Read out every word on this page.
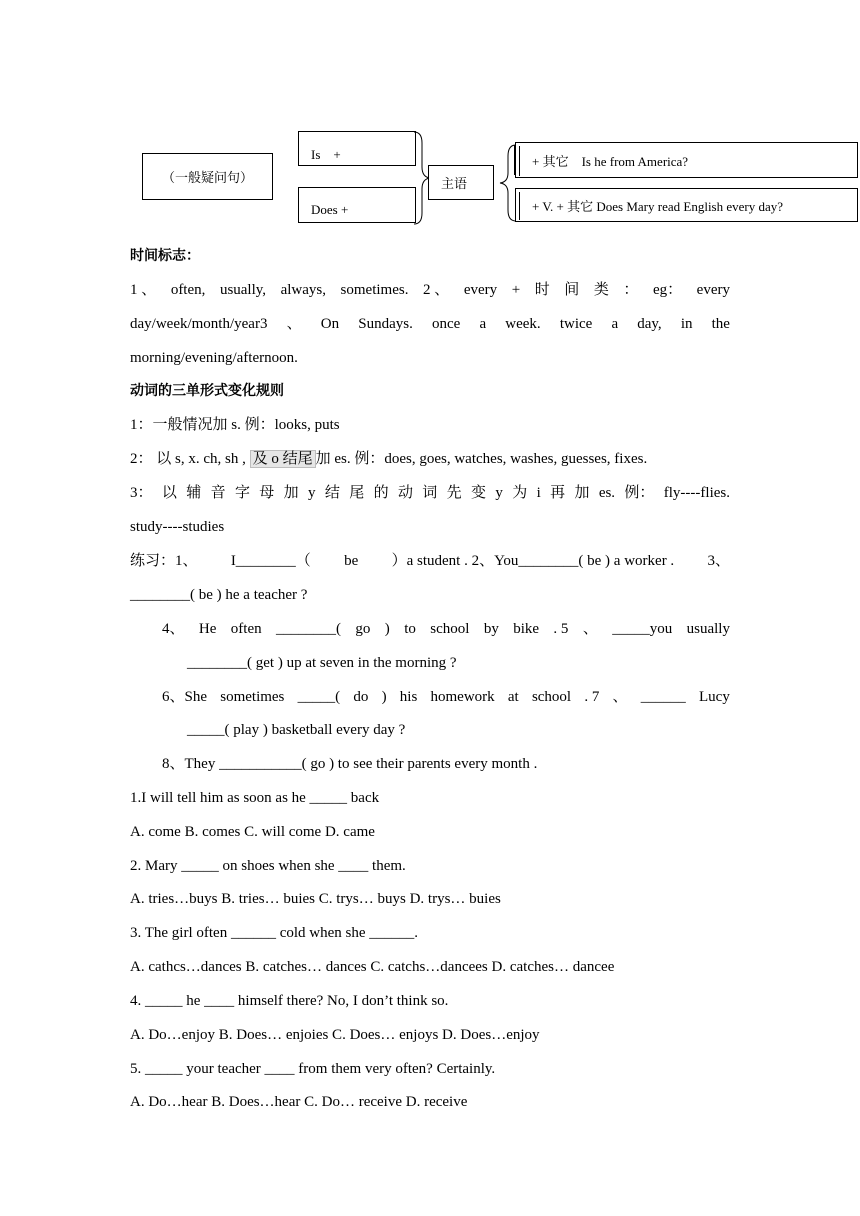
（一般疑问句）
Is　+
Does +
主语
+ 其它　Is he from America?
+ V. + 其它 Does Mary read English every day?
时间标志：
1 、 often, usually, always, sometimes. 2 、 every + 时 间 类 ： eg： every
day/week/month/year3 、 On Sundays. once a week. twice a day, in the
morning/evening/afternoon.
动词的三单形式变化规则
1：一般情况加 s. 例：looks, puts
2： 以 s, x. ch, sh , 及 o 结尾 加 es. 例：does, goes, watches, washes, guesses, fixes.
3： 以 辅 音 字 母 加 y 结 尾 的 动 词 先 变 y 为 i 再 加 es. 例： fly----flies.
study----studies
练习：1、 I________（ be ）a student . 2、You________( be ) a worker . 3、
________( be ) he a teacher ?
4、 He often ________( go ) to school by bike . 5 、 _____you usually
________( get ) up at seven in the morning ?
6、She sometimes _____( do ) his homework at school . 7 、 ______ Lucy
_____( play ) basketball every day ?
8、They ___________( go ) to see their parents every month .
1.I will tell him as soon as he _____ back
A. come B. comes C. will come D. came
2. Mary _____ on shoes when she ____ them.
A. tries…buys B. tries… buies C. trys… buys D. trys… buies
3. The girl often ______ cold when she ______.
A. cathcs…dances B. catches… dances C. catchs…dancees D. catches… dancee
4. _____ he ____ himself there? No, I don’t think so.
A. Do…enjoy B. Does… enjoies C. Does… enjoys D. Does…enjoy
5. _____ your teacher ____ from them very often? Certainly.
A. Do…hear B. Does…hear C. Do… receive D. receive
